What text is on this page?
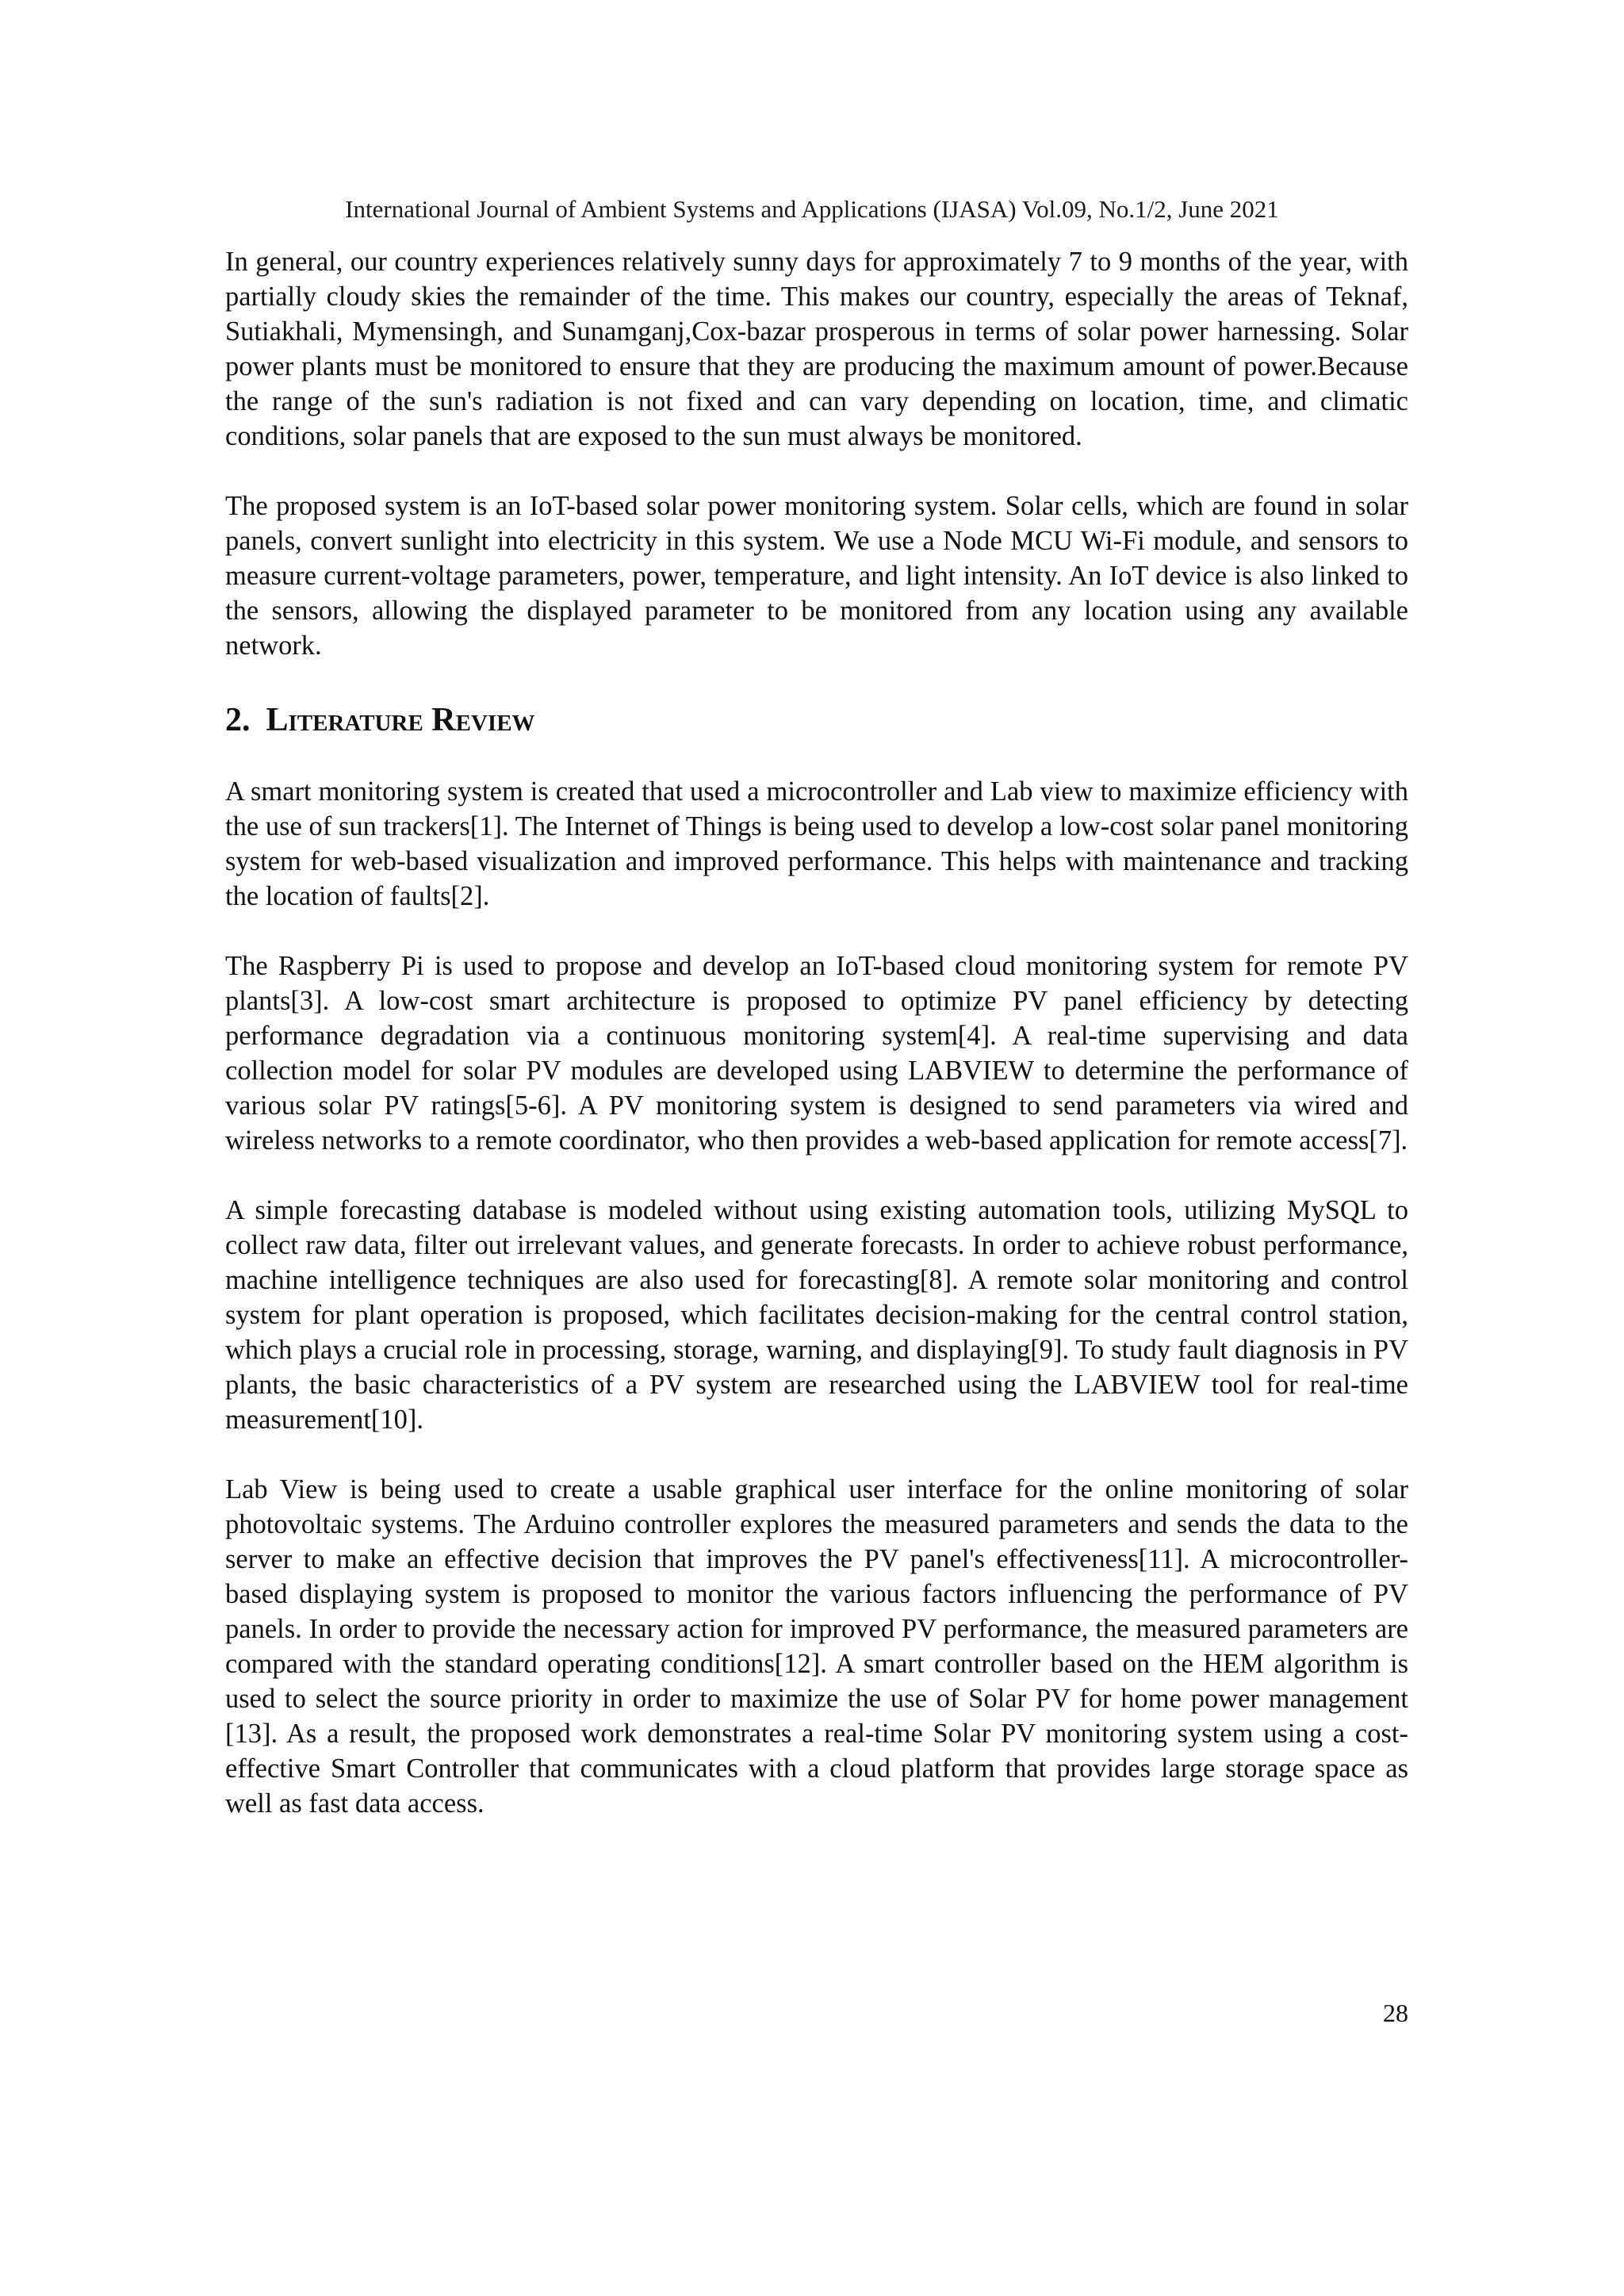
International Journal of Ambient Systems and Applications (IJASA) Vol.09, No.1/2, June 2021

In general, our country experiences relatively sunny days for approximately 7 to 9 months of the year, with partially cloudy skies the remainder of the time. This makes our country, especially the areas of Teknaf, Sutiakhali, Mymensingh, and Sunamganj,Cox-bazar prosperous in terms of solar power harnessing. Solar power plants must be monitored to ensure that they are producing the maximum amount of power.Because the range of the sun's radiation is not fixed and can vary depending on location, time, and climatic conditions, solar panels that are exposed to the sun must always be monitored.

The proposed system is an IoT-based solar power monitoring system. Solar cells, which are found in solar panels, convert sunlight into electricity in this system. We use a Node MCU Wi-Fi module, and sensors to measure current-voltage parameters, power, temperature, and light intensity. An IoT device is also linked to the sensors, allowing the displayed parameter to be monitored from any location using any available network.

2. Literature Review

A smart monitoring system is created that used a microcontroller and Lab view to maximize efficiency with the use of sun trackers[1]. The Internet of Things is being used to develop a low-cost solar panel monitoring system for web-based visualization and improved performance. This helps with maintenance and tracking the location of faults[2].

The Raspberry Pi is used to propose and develop an IoT-based cloud monitoring system for remote PV plants[3]. A low-cost smart architecture is proposed to optimize PV panel efficiency by detecting performance degradation via a continuous monitoring system[4]. A real-time supervising and data collection model for solar PV modules are developed using LABVIEW to determine the performance of various solar PV ratings[5-6]. A PV monitoring system is designed to send parameters via wired and wireless networks to a remote coordinator, who then provides a web-based application for remote access[7].

A simple forecasting database is modeled without using existing automation tools, utilizing MySQL to collect raw data, filter out irrelevant values, and generate forecasts. In order to achieve robust performance, machine intelligence techniques are also used for forecasting[8]. A remote solar monitoring and control system for plant operation is proposed, which facilitates decision-making for the central control station, which plays a crucial role in processing, storage, warning, and displaying[9]. To study fault diagnosis in PV plants, the basic characteristics of a PV system are researched using the LABVIEW tool for real-time measurement[10].

Lab View is being used to create a usable graphical user interface for the online monitoring of solar photovoltaic systems. The Arduino controller explores the measured parameters and sends the data to the server to make an effective decision that improves the PV panel's effectiveness[11]. A microcontroller-based displaying system is proposed to monitor the various factors influencing the performance of PV panels. In order to provide the necessary action for improved PV performance, the measured parameters are compared with the standard operating conditions[12]. A smart controller based on the HEM algorithm is used to select the source priority in order to maximize the use of Solar PV for home power management [13]. As a result, the proposed work demonstrates a real-time Solar PV monitoring system using a cost-effective Smart Controller that communicates with a cloud platform that provides large storage space as well as fast data access.

28
